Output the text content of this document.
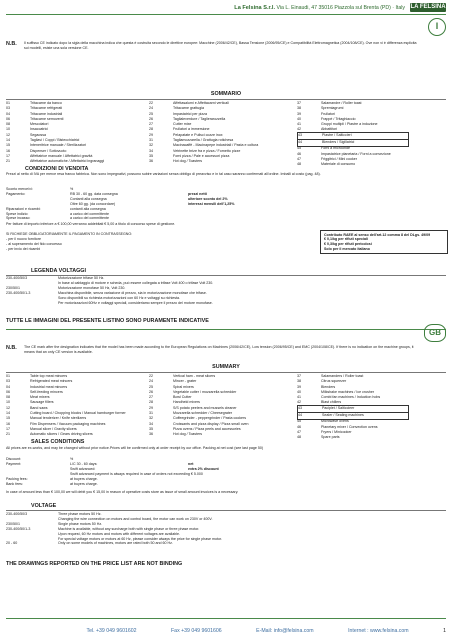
La Felsina S.r.l. Via L. Einaudi, 47 35016 Piazzola sul Brenta (PD) · Italy LA FELSINA
I
N.B. Il suffisso CE indicato dopo la sigla della macchina indica che questa è costruita secondo le direttive europee: Macchine (2006/42/CE), Bassa Tensione (2006/95/CE) e Compatibilità Elettromagnetica (2004/108/CE). Ove non vi è differenza esplicita sui modelli, esiste una sola versione CE.
SOMMARIO
01	Tritacarne da banco
03	Tritacarne refrigerati
04	Tritacarne industriali
06	Tritacarne semoventi
08	Mescolatori
10	Insaccatrici
12	Segaossa
14	Tagliavi / Coppi / Bistecchiatrici
15	Inteneritrice manuale / Sterilizzatori
16	Dispenser / Sottovuoto
17	Affettatrice manuale / Affettatrici gravità
21	Affettatrice automatiche / Affettatrici ingranaggi
22	Affettasalumi e Affettacarni verticali
24	Tritacarne grattugia
25	Impastatrici per pizza
26	Taglialeverdure / Taglierarozzella
27	Cutter mixe
28	Frullatori a immersione
29	Pelapatate e Pulisci cozze inox
31	Tagliamozzarella / Grattugia rotichesa
32	Macinacaffè - Macinapepe industriali / Pasta e coltura
34	Vetrinette brize fra e pizza / Fornetto pizze
35	Forni pizza / Pale e accessori pizza
36	Hot dog / Toasters
37	Salamandre / Roller toast
38	Spremiagrumi
39	Frullatori
40	Frappè / Tritaghiaccio
41	Gruppi multipli / Piastre a induzione
42	Abbattitori
43	Piastre / Salticcieri
44	Blenders / Sigillatrici
45	Forni a microonde
46	Impastatrice planetaria / Forni a convezione
47	Friggitrici / Mini cooker
48	Materiale di consumo
CONDIZIONI DI VENDITA
Prezzi al netto di IVA per merce resa franco fabbrica. Non sono impegnativi, possono subire variazioni senza obbligo di preavviso e in tal caso saranno confermati all'ordine. Imballi al costo (pag. 48).
Sconto merce/vi:	%
Pagamento:	RB 30 - 60 gg. data consegna	prezzi netti
Contanti alla consegna	ulteriore sconto del 2%
Oltre 60 gg. (da concordare)	interessi mensili dell'1,25%
Riparazioni e ricambi:	contanti alla consegna
Spese indizio:	a carico del committente
Spese incasso:	a carico del committente
Per fatture di importo inferiore a € 100,00 verranno addebitati € 5,00 a titolo di concorso spese di gestione.
SI RICHIEDE OBBLIGATORIAMENTE IL PAGAMENTO IN CONTRASSEGNO:
- per il nuovo fornitore
- al superamento del fido concesso
- per invio dei ricambi
Contributo RAEE al senso dell'art.12 comma 8 del DLgs. 49/09
€ 0,1/kg per rifiuti speciali
€ 0,3/kg per rifiuti pericolosi
Solo per il mercato italiano
LEGENDA VOLTAGGI
230-400/50/3	Motorizzazione trifase 50 Hz.
In base al cablaggio di motore e scheda, può essere collegata a trifase Volt 400 o trifase Volt 230.
230/50/1	Motorizzazione monofase 50 Hz, Volt 230.
230-400/50/1-3	Macchina disponibile, senza variazione di prezzo, sia in motorizzazione monofase che trifase.
Sono disponibili su richiesta motorizzazioni con 60 Hz e voltaggi su richiesta.
Per motorizzazioni 60Hz e voltaggi speciali, consideriamo sempre il prezzo del motore monofase.
TUTTE LE IMMAGINI DEL PRESENTE LISTINO SONO PURAMENTE INDICATIVE
GB
N.B. The CE mark after the designation indicates that the model has been made according to the European Regulations on Machines (2006/42/CE), Low tension (2006/95/CE) and EMC (2004/108/CE). If there is no indication on the machine groups, it means that an only CE version is available.
SUMMARY
01	Table top meat mincers
03	Refrigerated meat mincers
04	Industrial meat mincers
06	Self-feeding mincers
08	Meat mixers
10	Sausage fillers
12	Band saws
14	Cutting board / Chopping blocks / Manual hamburger former
15	Manual tenderizer / Knife sterilizers
16	Film Dispensers / Vacuum packaging machines
17	Manual slicer / Gravity slicers
21	Automatic slicers / Gears driving slicers
22	Vertical ham - meat slicers
24	Mincer - grater
25	Spiral mixers
26	Vegetable cutter / mozzarella schredder
27	Bowl Cutter
28	Handheld mixers
29	S/S potato peelers and mussels cleaner
31	Mozzarella schredder / Cheesegrater
32	Coffeegrinder - peppergrinder / Pasta cookers
34	Croissants and pizza display / Pizza small oven
35	Pizza ovens / Pizza peels and accessories
36	Hot dog / Toasters
37	Salamanders / Roller toast
38	Citrus squeezer
39	Blenders
40	Milkshake machines / Ice crusher
41	Combi fan machines / Induction hobs
42	Blast chillers
43	Paciplet / Salticcieer
44	Sealer / Sealing machines
45	Microwave ovens
46	Planetary mixer / Convection ovens
47	Fryers / Minicooker
48	Spare parts
SALES CONDITIONS
All prices are ex-works, and may be changed without prior notice.Prices will be confirmed only at order receipt by our office. Packing at net cost (see last page 50)
Discount:	%
Payment:	L/C 30 - 60 days:	net
Swift advanced:	extra 2% discount
Swift advanced payment is always required in case of orders not exceeding € 5.000
Packing fees:	at buyers charge.
Bank fees:	at buyers charge.
In case of amount less than € 100,00 we will debit you € 15,00 in reason of operative costs store as issue of small amount invoices is a necessary.
VOLTAGE
230-400/50/3	Three phase motors 50 Hz.
Changing the wire connection on motors and control board, the motor can work on 230V or 400V.
230/50/1	Single phase motors 50 Hz.
230-400/50/1-3	Machine is available, without any surcharge both with single phase or three phase motor.
Upon request, 60 Hz motors and motors with different voltages are available.
For special voltage motors or motors at 60 Hz, please consider always the price for single phase motor.
20 - 60	Only on some models of machines, motors are rated both 50 and 60 Hz.
THE DRAWINGS REPORTED ON THE PRICE LIST ARE NOT BINDING
Tel. +39 049 9601602	Fax +39 049 9601606	E-Mail: info@felsina.com	Internet : www.felsina.com	1
